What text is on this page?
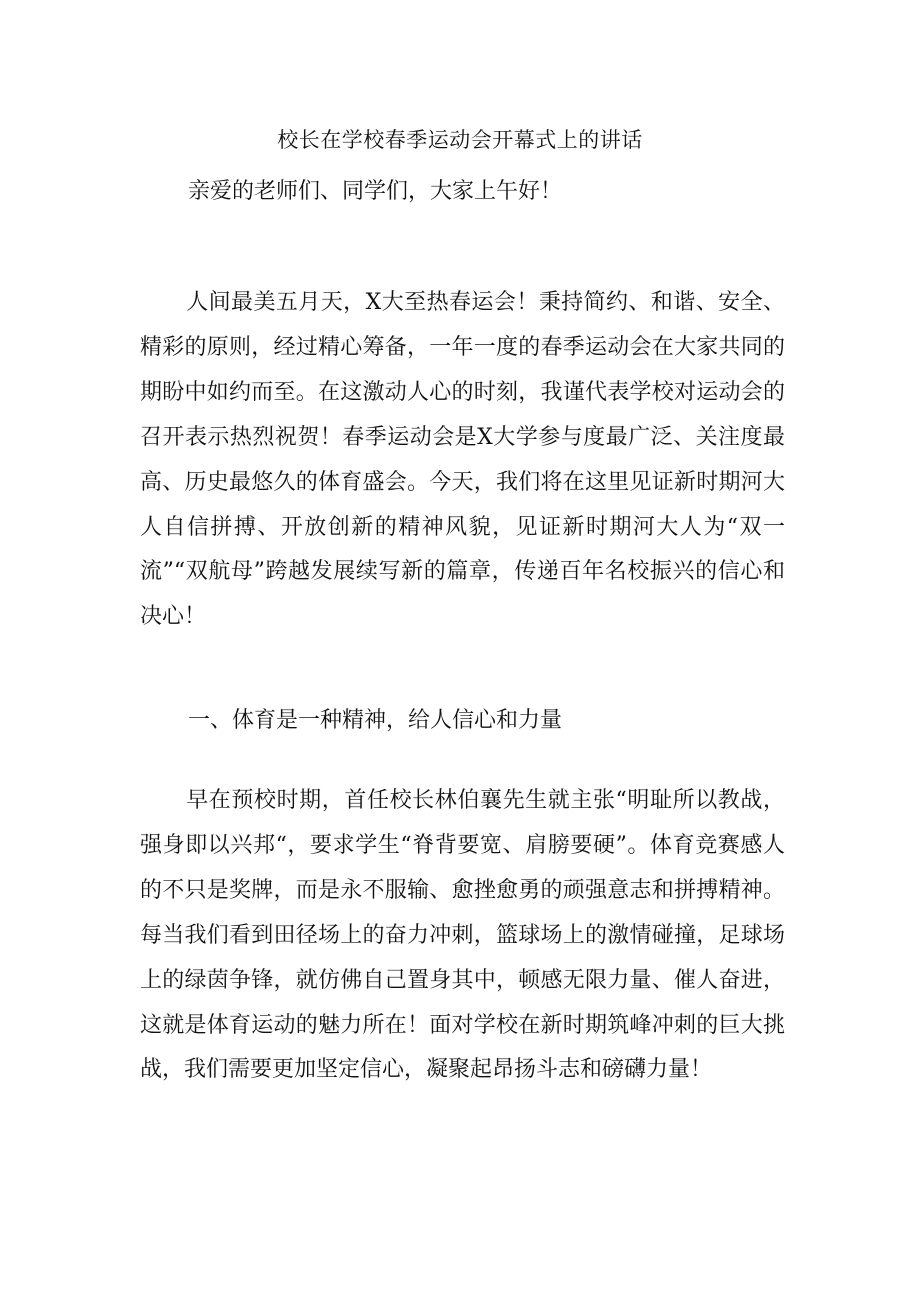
校长在学校春季运动会开幕式上的讲话
亲爱的老师们、同学们，大家上午好！

人间最美五月天，X大至热春运会！秉持简约、和谐、安全、精彩的原则，经过精心筹备，一年一度的春季运动会在大家共同的期盼中如约而至。在这激动人心的时刻，我谨代表学校对运动会的召开表示热烈祝贺！春季运动会是X大学参与度最广泛、关注度最高、历史最悠久的体育盛会。今天，我们将在这里见证新时期河大人自信拼搏、开放创新的精神风貌，见证新时期河大人为“双一流”“双航母”跨越发展续写新的篇章，传递百年名校振兴的信心和决心！

一、体育是一种精神，给人信心和力量

早在预校时期，首任校长林伯襄先生就主张“明耻所以教战，强身即以兴邦“，要求学生“脊背要宽、肩膀要硬”。体育竞赛感人的不只是奖牌，而是永不服输、愈挫愈勇的顽强意志和拼搏精神。每当我们看到田径场上的奋力冲刺，篮球场上的激情碰撞，足球场上的绿茵争锋，就仿佛自己置身其中，顿感无限力量、催人奋进，这就是体育运动的魅力所在！面对学校在新时期筑峰冲刺的巨大挑战，我们需要更加坚定信心，凝聚起昂扬斗志和磅礴力量！
